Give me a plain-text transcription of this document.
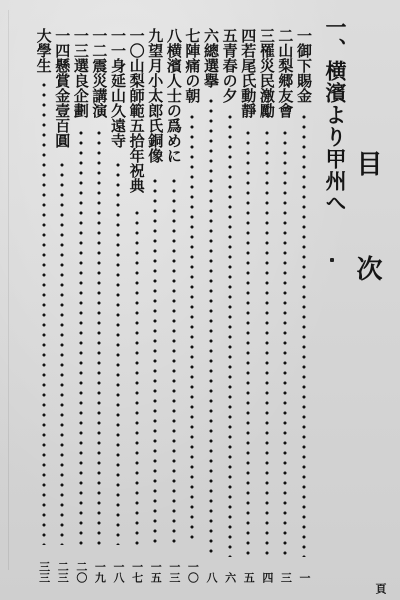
目
次
一、横濱より甲州へ
一御下賜金
一
二山梨郷友會
三
三罹災民激勵
四
四若尾氏動靜
五
五青春の夕
六
六總選擧
八
七陣痛の朝
一〇
八横濱人士の爲めに
一三
九望月小太郎氏銅像
一五
一〇山梨師範五拾年祝典
一七
一一身延山久遠寺
一八
一二震災講演
一九
一三選良企劃
二〇
一四懸賞金壹百圓
二三
大學生
三三
頁
